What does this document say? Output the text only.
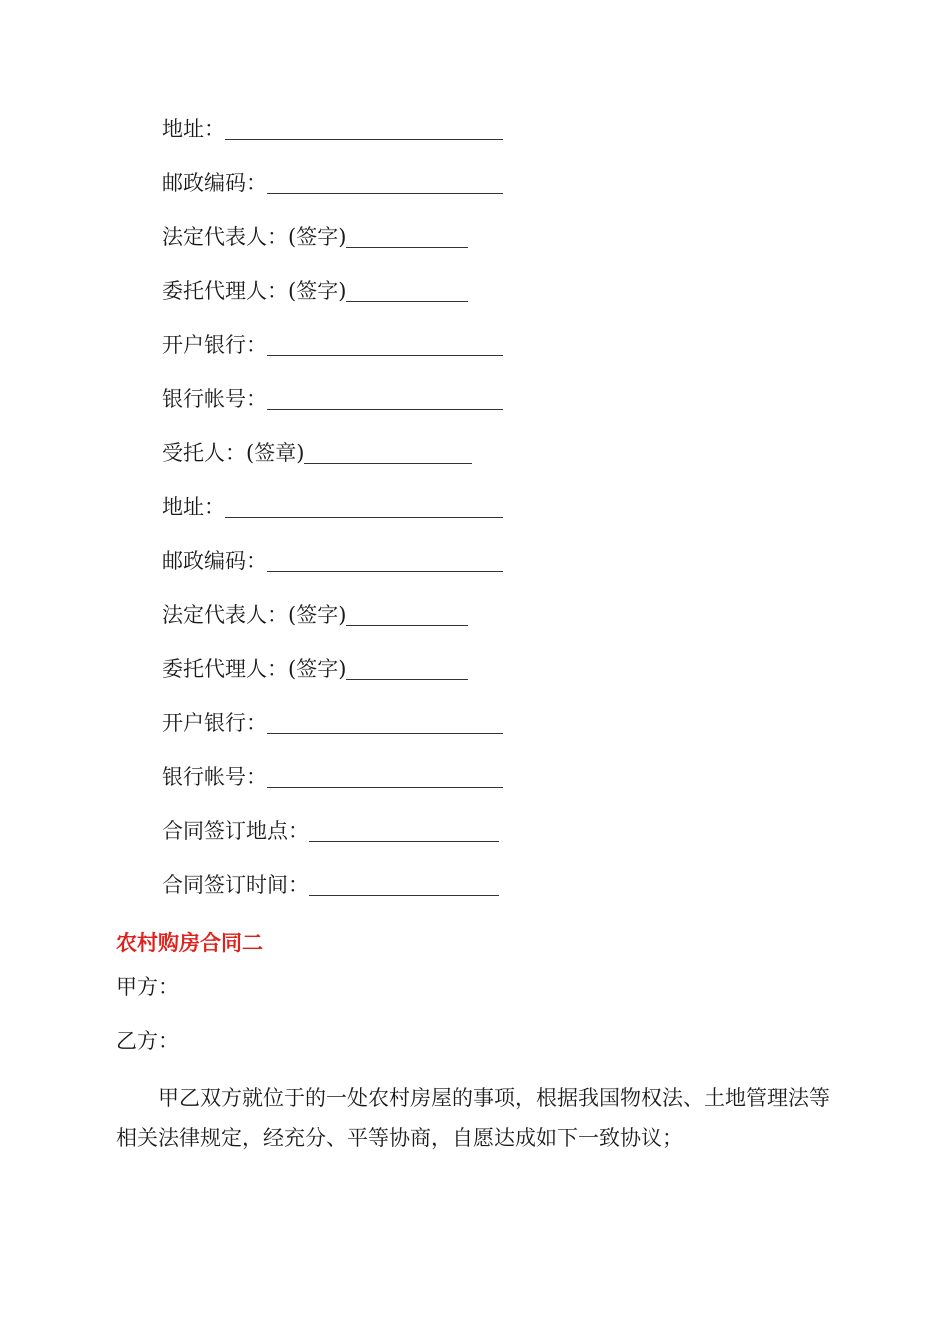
地址：
邮政编码：
法定代表人：(签字)
委托代理人：(签字)
开户银行：
银行帐号：
受托人：(签章)
地址：
邮政编码：
法定代表人：(签字)
委托代理人：(签字)
开户银行：
银行帐号：
合同签订地点：
合同签订时间：
农村购房合同二
甲方：
乙方：
甲乙双方就位于的一处农村房屋的事项，根据我国物权法、土地管理法等相关法律规定，经充分、平等协商，自愿达成如下一致协议；
